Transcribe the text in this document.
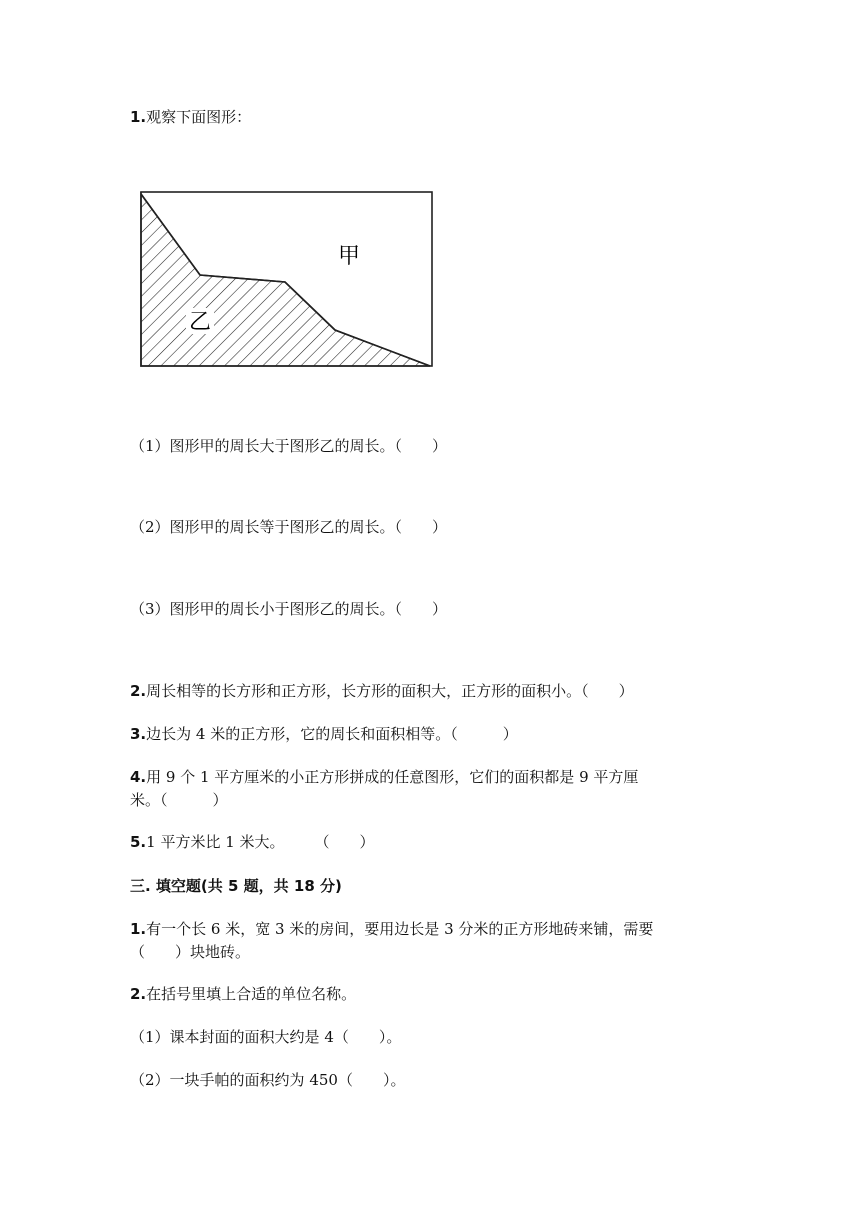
1.观察下面图形：
甲
乙
（1）图形甲的周长大于图形乙的周长。（　　）
（2）图形甲的周长等于图形乙的周长。（　　）
（3）图形甲的周长小于图形乙的周长。（　　）
2.周长相等的长方形和正方形，长方形的面积大，正方形的面积小。（　　）
3.边长为 4 米的正方形，它的周长和面积相等。（　　　）
4.用 9 个 1 平方厘米的小正方形拼成的任意图形，它们的面积都是 9 平方厘
米。（　　　）
5.1 平方米比 1 米大。　　　（　　）
三. 填空题(共 5 题，共 18 分)
1.有一个长 6 米，宽 3 米的房间，要用边长是 3 分米的正方形地砖来铺，需要
（　　）块地砖。
2.在括号里填上合适的单位名称。
（1）课本封面的面积大约是 4（　　）。
（2）一块手帕的面积约为 450（　　）。
